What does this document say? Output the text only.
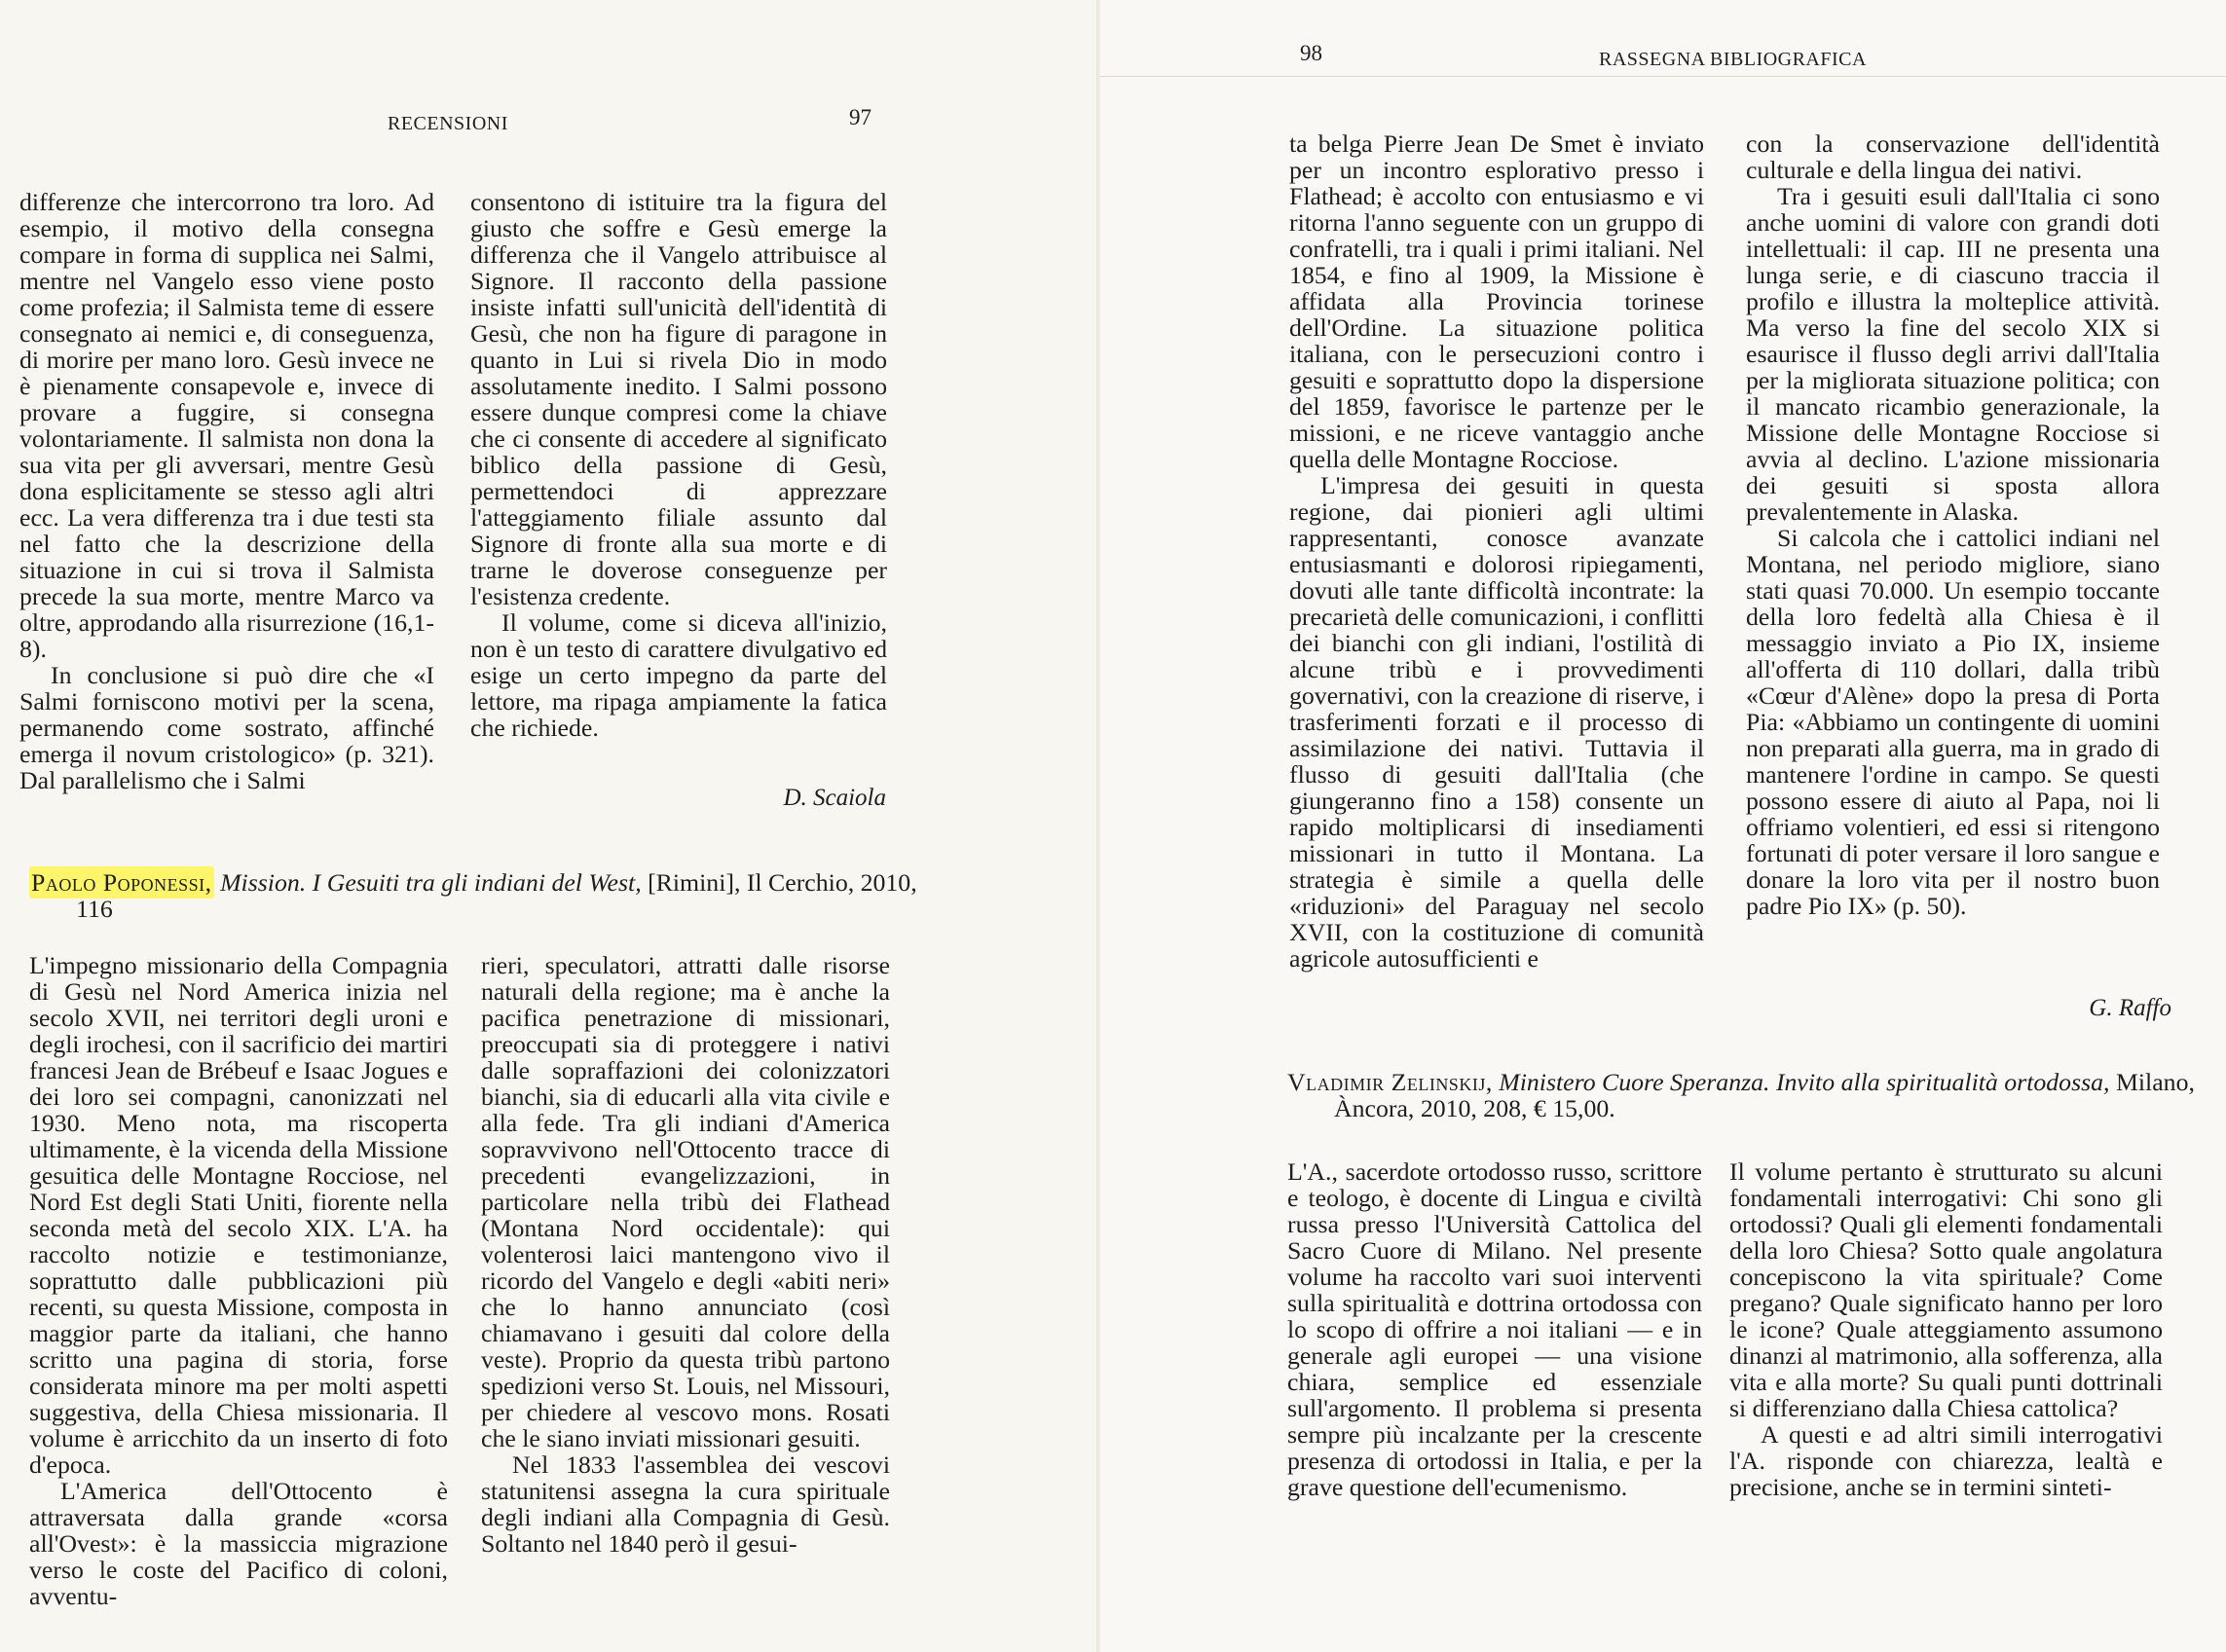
RECENSIONI	97

differenze che intercorrono tra loro. Ad esempio, il motivo della consegna compare in forma di supplica nei Salmi, mentre nel Vangelo esso viene posto come profezia; il Salmista teme di essere consegnato ai nemici e, di conseguenza, di morire per mano loro. Gesù invece ne è pienamente consapevole e, invece di provare a fuggire, si consegna volontariamente. Il salmista non dona la sua vita per gli avversari, mentre Gesù dona esplicitamente se stesso agli altri ecc. La vera differenza tra i due testi sta nel fatto che la descrizione della situazione in cui si trova il Salmista precede la sua morte, mentre Marco va oltre, approdando alla risurrezione (16,1-8).

In conclusione si può dire che «I Salmi forniscono motivi per la scena, permanendo come sostrato, affinché emerga il novum cristologico» (p. 321). Dal parallelismo che i Salmi

consentono di istituire tra la figura del giusto che soffre e Gesù emerge la differenza che il Vangelo attribuisce al Signore. Il racconto della passione insiste infatti sull'unicità dell'identità di Gesù, che non ha figure di paragone in quanto in Lui si rivela Dio in modo assolutamente inedito. I Salmi possono essere dunque compresi come la chiave che ci consente di accedere al significato biblico della passione di Gesù, permettendoci di apprezzare l'atteggiamento filiale assunto dal Signore di fronte alla sua morte e di trarne le doverose conseguenze per l'esistenza credente.

Il volume, come si diceva all'inizio, non è un testo di carattere divulgativo ed esige un certo impegno da parte del lettore, ma ripaga ampiamente la fatica che richiede.

D. Scaiola
Paolo Poponessi, Mission. I Gesuiti tra gli indiani del West, [Rimini], Il Cerchio, 2010, 116

L'impegno missionario della Compagnia di Gesù nel Nord America inizia nel secolo XVII, nei territori degli uroni e degli irochesi, con il sacrificio dei martiri francesi Jean de Brébeuf e Isaac Jogues e dei loro sei compagni, canonizzati nel 1930. Meno nota, ma riscoperta ultimamente, è la vicenda della Missione gesuitica delle Montagne Rocciose, nel Nord Est degli Stati Uniti, fiorente nella seconda metà del secolo XIX. L'A. ha raccolto notizie e testimonianze, soprattutto dalle pubblicazioni più recenti, su questa Missione, composta in maggior parte da italiani, che hanno scritto una pagina di storia, forse considerata minore ma per molti aspetti suggestiva, della Chiesa missionaria. Il volume è arricchito da un inserto di foto d'epoca.

L'America dell'Ottocento è attraversata dalla grande «corsa all'Ovest»: è la massiccia migrazione verso le coste del Pacifico di coloni, avventu-

rieri, speculatori, attratti dalle risorse naturali della regione; ma è anche la pacifica penetrazione di missionari, preoccupati sia di proteggere i nativi dalle sopraffazioni dei colonizzatori bianchi, sia di educarli alla vita civile e alla fede. Tra gli indiani d'America sopravvivono nell'Ottocento tracce di precedenti evangelizzazioni, in particolare nella tribù dei Flathead (Montana Nord occidentale): qui volenterosi laici mantengono vivo il ricordo del Vangelo e degli «abiti neri» che lo hanno annunciato (così chiamavano i gesuiti dal colore della veste). Proprio da questa tribù partono spedizioni verso St. Louis, nel Missouri, per chiedere al vescovo mons. Rosati che le siano inviati missionari gesuiti.

Nel 1833 l'assemblea dei vescovi statunitensi assegna la cura spirituale degli indiani alla Compagnia di Gesù. Soltanto nel 1840 però il gesui-

98	RASSEGNA BIBLIOGRAFICA

ta belga Pierre Jean De Smet è inviato per un incontro esplorativo presso i Flathead; è accolto con entusiasmo e vi ritorna l'anno seguente con un gruppo di confratelli, tra i quali i primi italiani. Nel 1854, e fino al 1909, la Missione è affidata alla Provincia torinese dell'Ordine. La situazione politica italiana, con le persecuzioni contro i gesuiti e soprattutto dopo la dispersione del 1859, favorisce le partenze per le missioni, e ne riceve vantaggio anche quella delle Montagne Rocciose.

L'impresa dei gesuiti in questa regione, dai pionieri agli ultimi rappresentanti, conosce avanzate entusiasmanti e dolorosi ripiegamenti, dovuti alle tante difficoltà incontrate: la precarietà delle comunicazioni, i conflitti dei bianchi con gli indiani, l'ostilità di alcune tribù e i provvedimenti governativi, con la creazione di riserve, i trasferimenti forzati e il processo di assimilazione dei nativi. Tuttavia il flusso di gesuiti dall'Italia (che giungeranno fino a 158) consente un rapido moltiplicarsi di insediamenti missionari in tutto il Montana. La strategia è simile a quella delle «riduzioni» del Paraguay nel secolo XVII, con la costituzione di comunità agricole autosufficienti e

con la conservazione dell'identità culturale e della lingua dei nativi.

Tra i gesuiti esuli dall'Italia ci sono anche uomini di valore con grandi doti intellettuali: il cap. III ne presenta una lunga serie, e di ciascuno traccia il profilo e illustra la molteplice attività. Ma verso la fine del secolo XIX si esaurisce il flusso degli arrivi dall'Italia per la migliorata situazione politica; con il mancato ricambio generazionale, la Missione delle Montagne Rocciose si avvia al declino. L'azione missionaria dei gesuiti si sposta allora prevalentemente in Alaska.

Si calcola che i cattolici indiani nel Montana, nel periodo migliore, siano stati quasi 70.000. Un esempio toccante della loro fedeltà alla Chiesa è il messaggio inviato a Pio IX, insieme all'offerta di 110 dollari, dalla tribù «Cœur d'Alène» dopo la presa di Porta Pia: «Abbiamo un contingente di uomini non preparati alla guerra, ma in grado di mantenere l'ordine in campo. Se questi possono essere di aiuto al Papa, noi li offriamo volentieri, ed essi si ritengono fortunati di poter versare il loro sangue e donare la loro vita per il nostro buon padre Pio IX» (p. 50).

G. Raffo
Vladimir Zelinskij, Ministero Cuore Speranza. Invito alla spiritualità ortodossa, Milano, Àncora, 2010, 208, € 15,00.

L'A., sacerdote ortodosso russo, scrittore e teologo, è docente di Lingua e civiltà russa presso l'Università Cattolica del Sacro Cuore di Milano. Nel presente volume ha raccolto vari suoi interventi sulla spiritualità e dottrina ortodossa con lo scopo di offrire a noi italiani — e in generale agli europei — una visione chiara, semplice ed essenziale sull'argomento. Il problema si presenta sempre più incalzante per la crescente presenza di ortodossi in Italia, e per la grave questione dell'ecumenismo.

Il volume pertanto è strutturato su alcuni fondamentali interrogativi: Chi sono gli ortodossi? Quali gli elementi fondamentali della loro Chiesa? Sotto quale angolatura concepiscono la vita spirituale? Come pregano? Quale significato hanno per loro le icone? Quale atteggiamento assumono dinanzi al matrimonio, alla sofferenza, alla vita e alla morte? Su quali punti dottrinali si differenziano dalla Chiesa cattolica?

A questi e ad altri simili interrogativi l'A. risponde con chiarezza, lealtà e precisione, anche se in termini sinteti-
